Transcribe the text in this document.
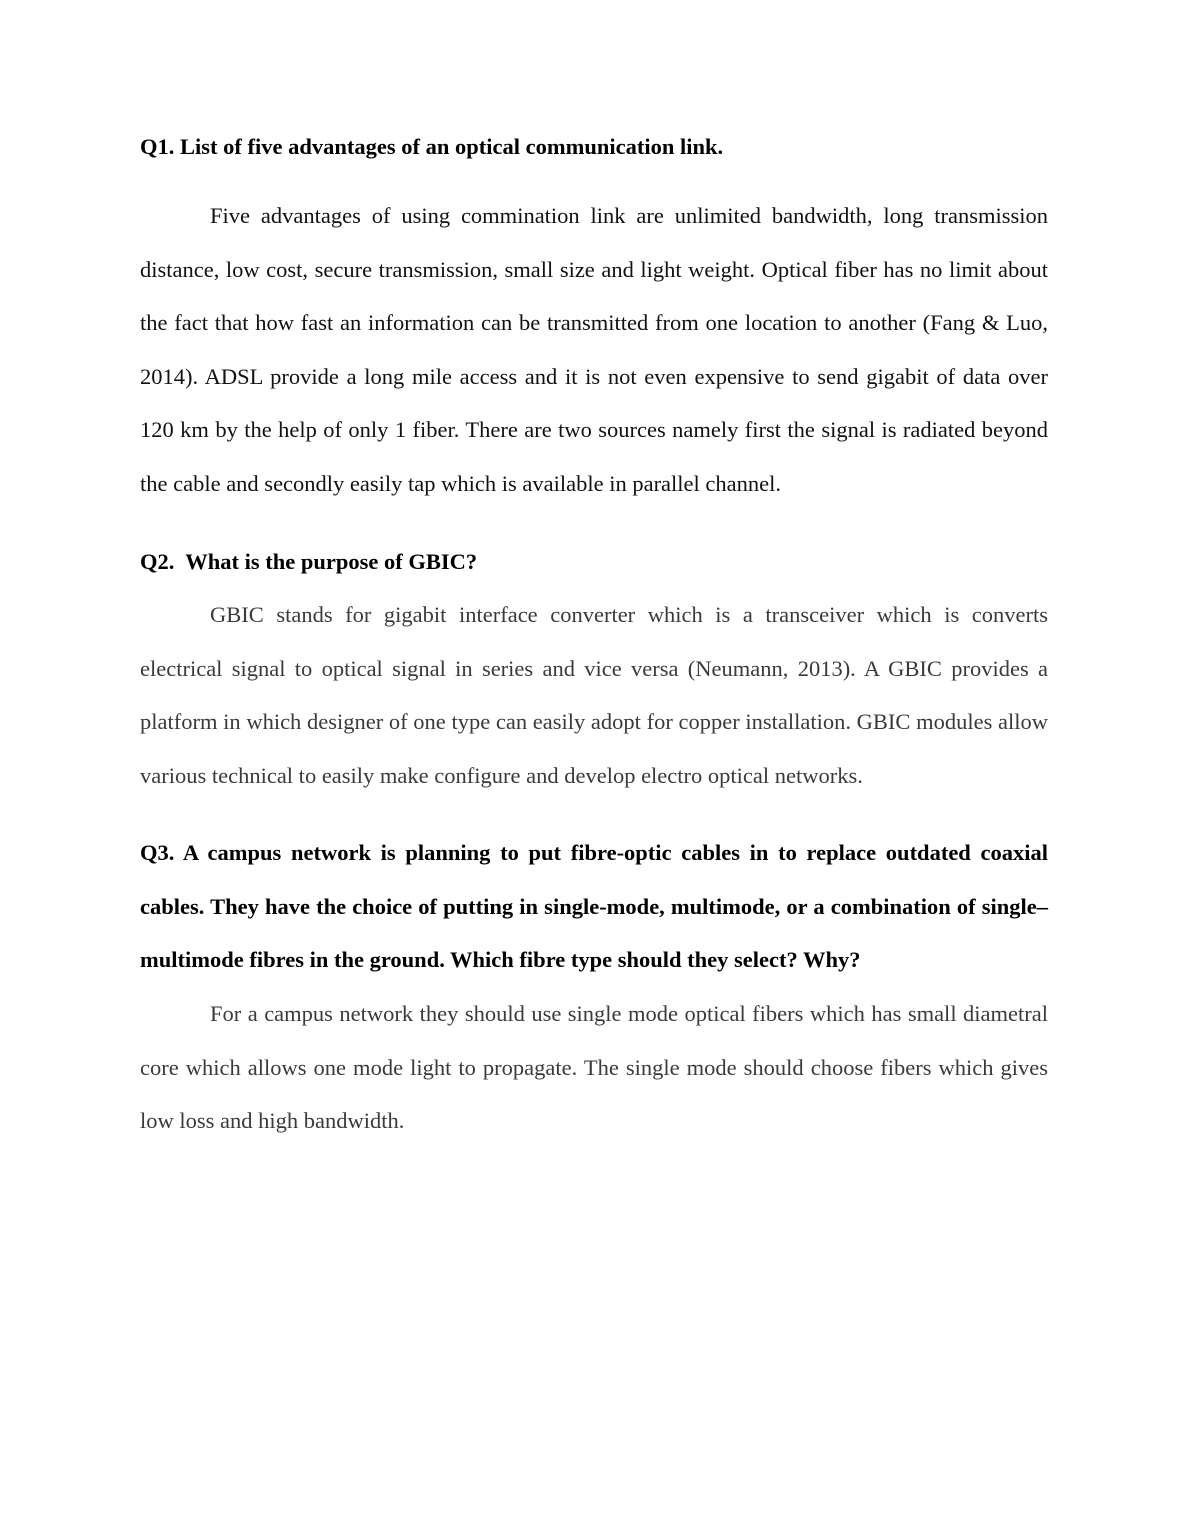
Q1. List of five advantages of an optical communication link.

Five advantages of using commination link are unlimited bandwidth, long transmission distance, low cost, secure transmission, small size and light weight. Optical fiber has no limit about the fact that how fast an information can be transmitted from one location to another (Fang & Luo, 2014). ADSL provide a long mile access and it is not even expensive to send gigabit of data over 120 km by the help of only 1 fiber. There are two sources namely first the signal is radiated beyond the cable and secondly easily tap which is available in parallel channel.

Q2.  What is the purpose of GBIC?

GBIC stands for gigabit interface converter which is a transceiver which is converts electrical signal to optical signal in series and vice versa (Neumann, 2013). A GBIC provides a platform in which designer of one type can easily adopt for copper installation. GBIC modules allow various technical to easily make configure and develop electro optical networks.

Q3. A campus network is planning to put fibre-optic cables in to replace outdated coaxial cables. They have the choice of putting in single-mode, multimode, or a combination of single–multimode fibres in the ground. Which fibre type should they select? Why?

For a campus network they should use single mode optical fibers which has small diametral core which allows one mode light to propagate. The single mode should choose fibers which gives low loss and high bandwidth.
